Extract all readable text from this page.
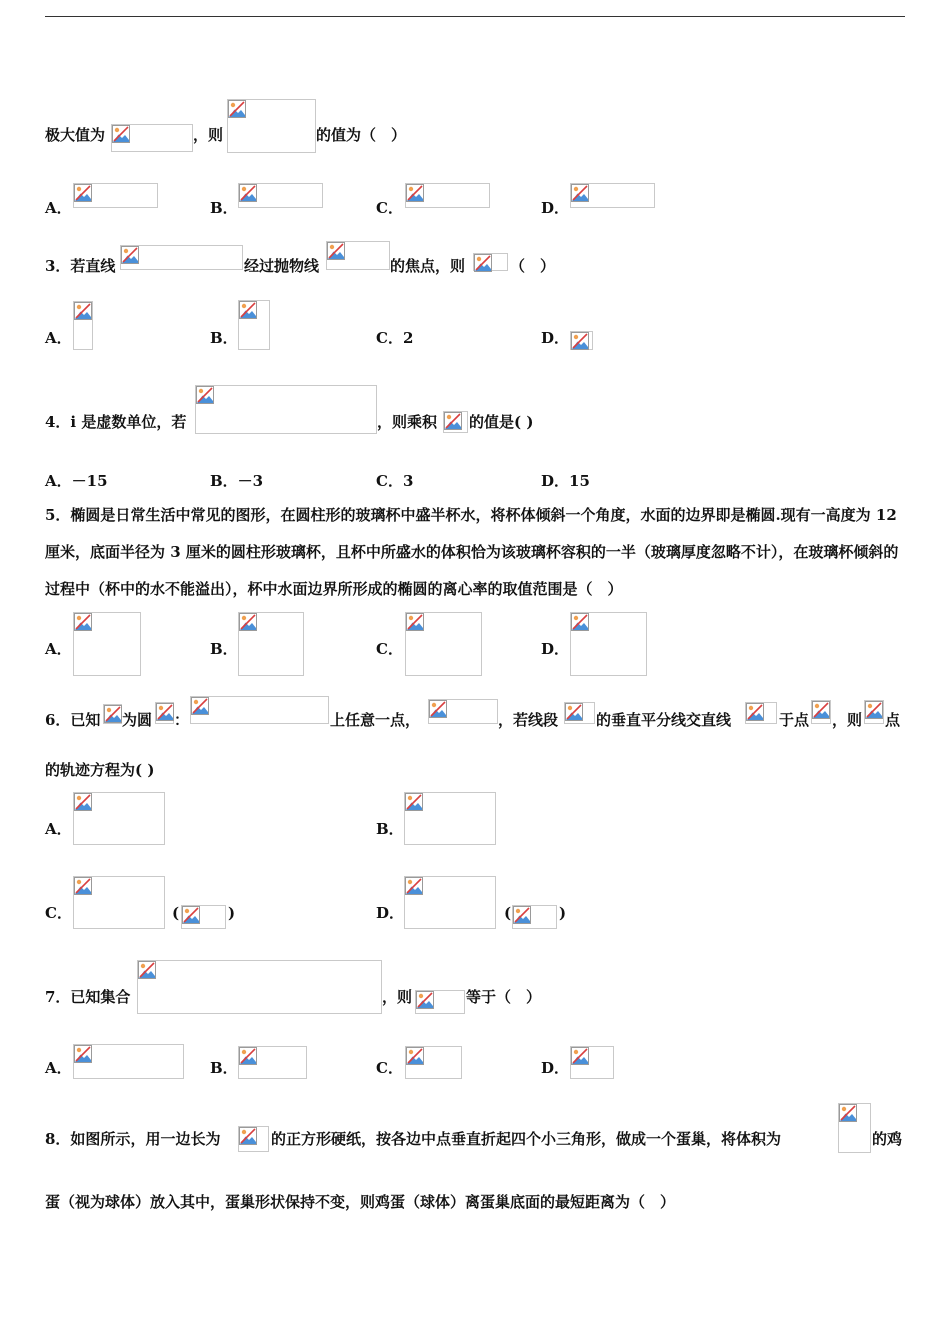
极大值为	，则	的值为（　）
A．	B．	C．	D．
3．若直线	经过抛物线	的焦点，则	（　）
A．	B．	C．2	D．
4．i 是虚数单位，若	，则乘积 的值是( )
A．－15	B．－3	C．3	D．15
5．椭圆是日常生活中常见的图形，在圆柱形的玻璃杯中盛半杯水，将杯体倾斜一个角度，水面的边界即是椭圆.现有一高度为 12 厘米，底面半径为 3 厘米的圆柱形玻璃杯，且杯中所盛水的体积恰为该玻璃杯容积的一半（玻璃厚度忽略不计），在玻璃杯倾斜的过程中（杯中的水不能溢出），杯中水面边界所形成的椭圆的离心率的取值范围是（　）
A．	B．	C．	D．
6．已知 为圆 ：	上任意一点，	，若线段	的垂直平分线交直线	于点 ，则 点
的轨迹方程为( )
A．	B．
C．	(	)	D．	(	)
7．已知集合	，则	等于（　）
A．	B．	C．	D．
8．如图所示，用一边长为	的正方形硬纸，按各边中点垂直折起四个小三角形，做成一个蛋巢，将体积为	的鸡
蛋（视为球体）放入其中，蛋巢形状保持不变，则鸡蛋（球体）离蛋巢底面的最短距离为（　）
